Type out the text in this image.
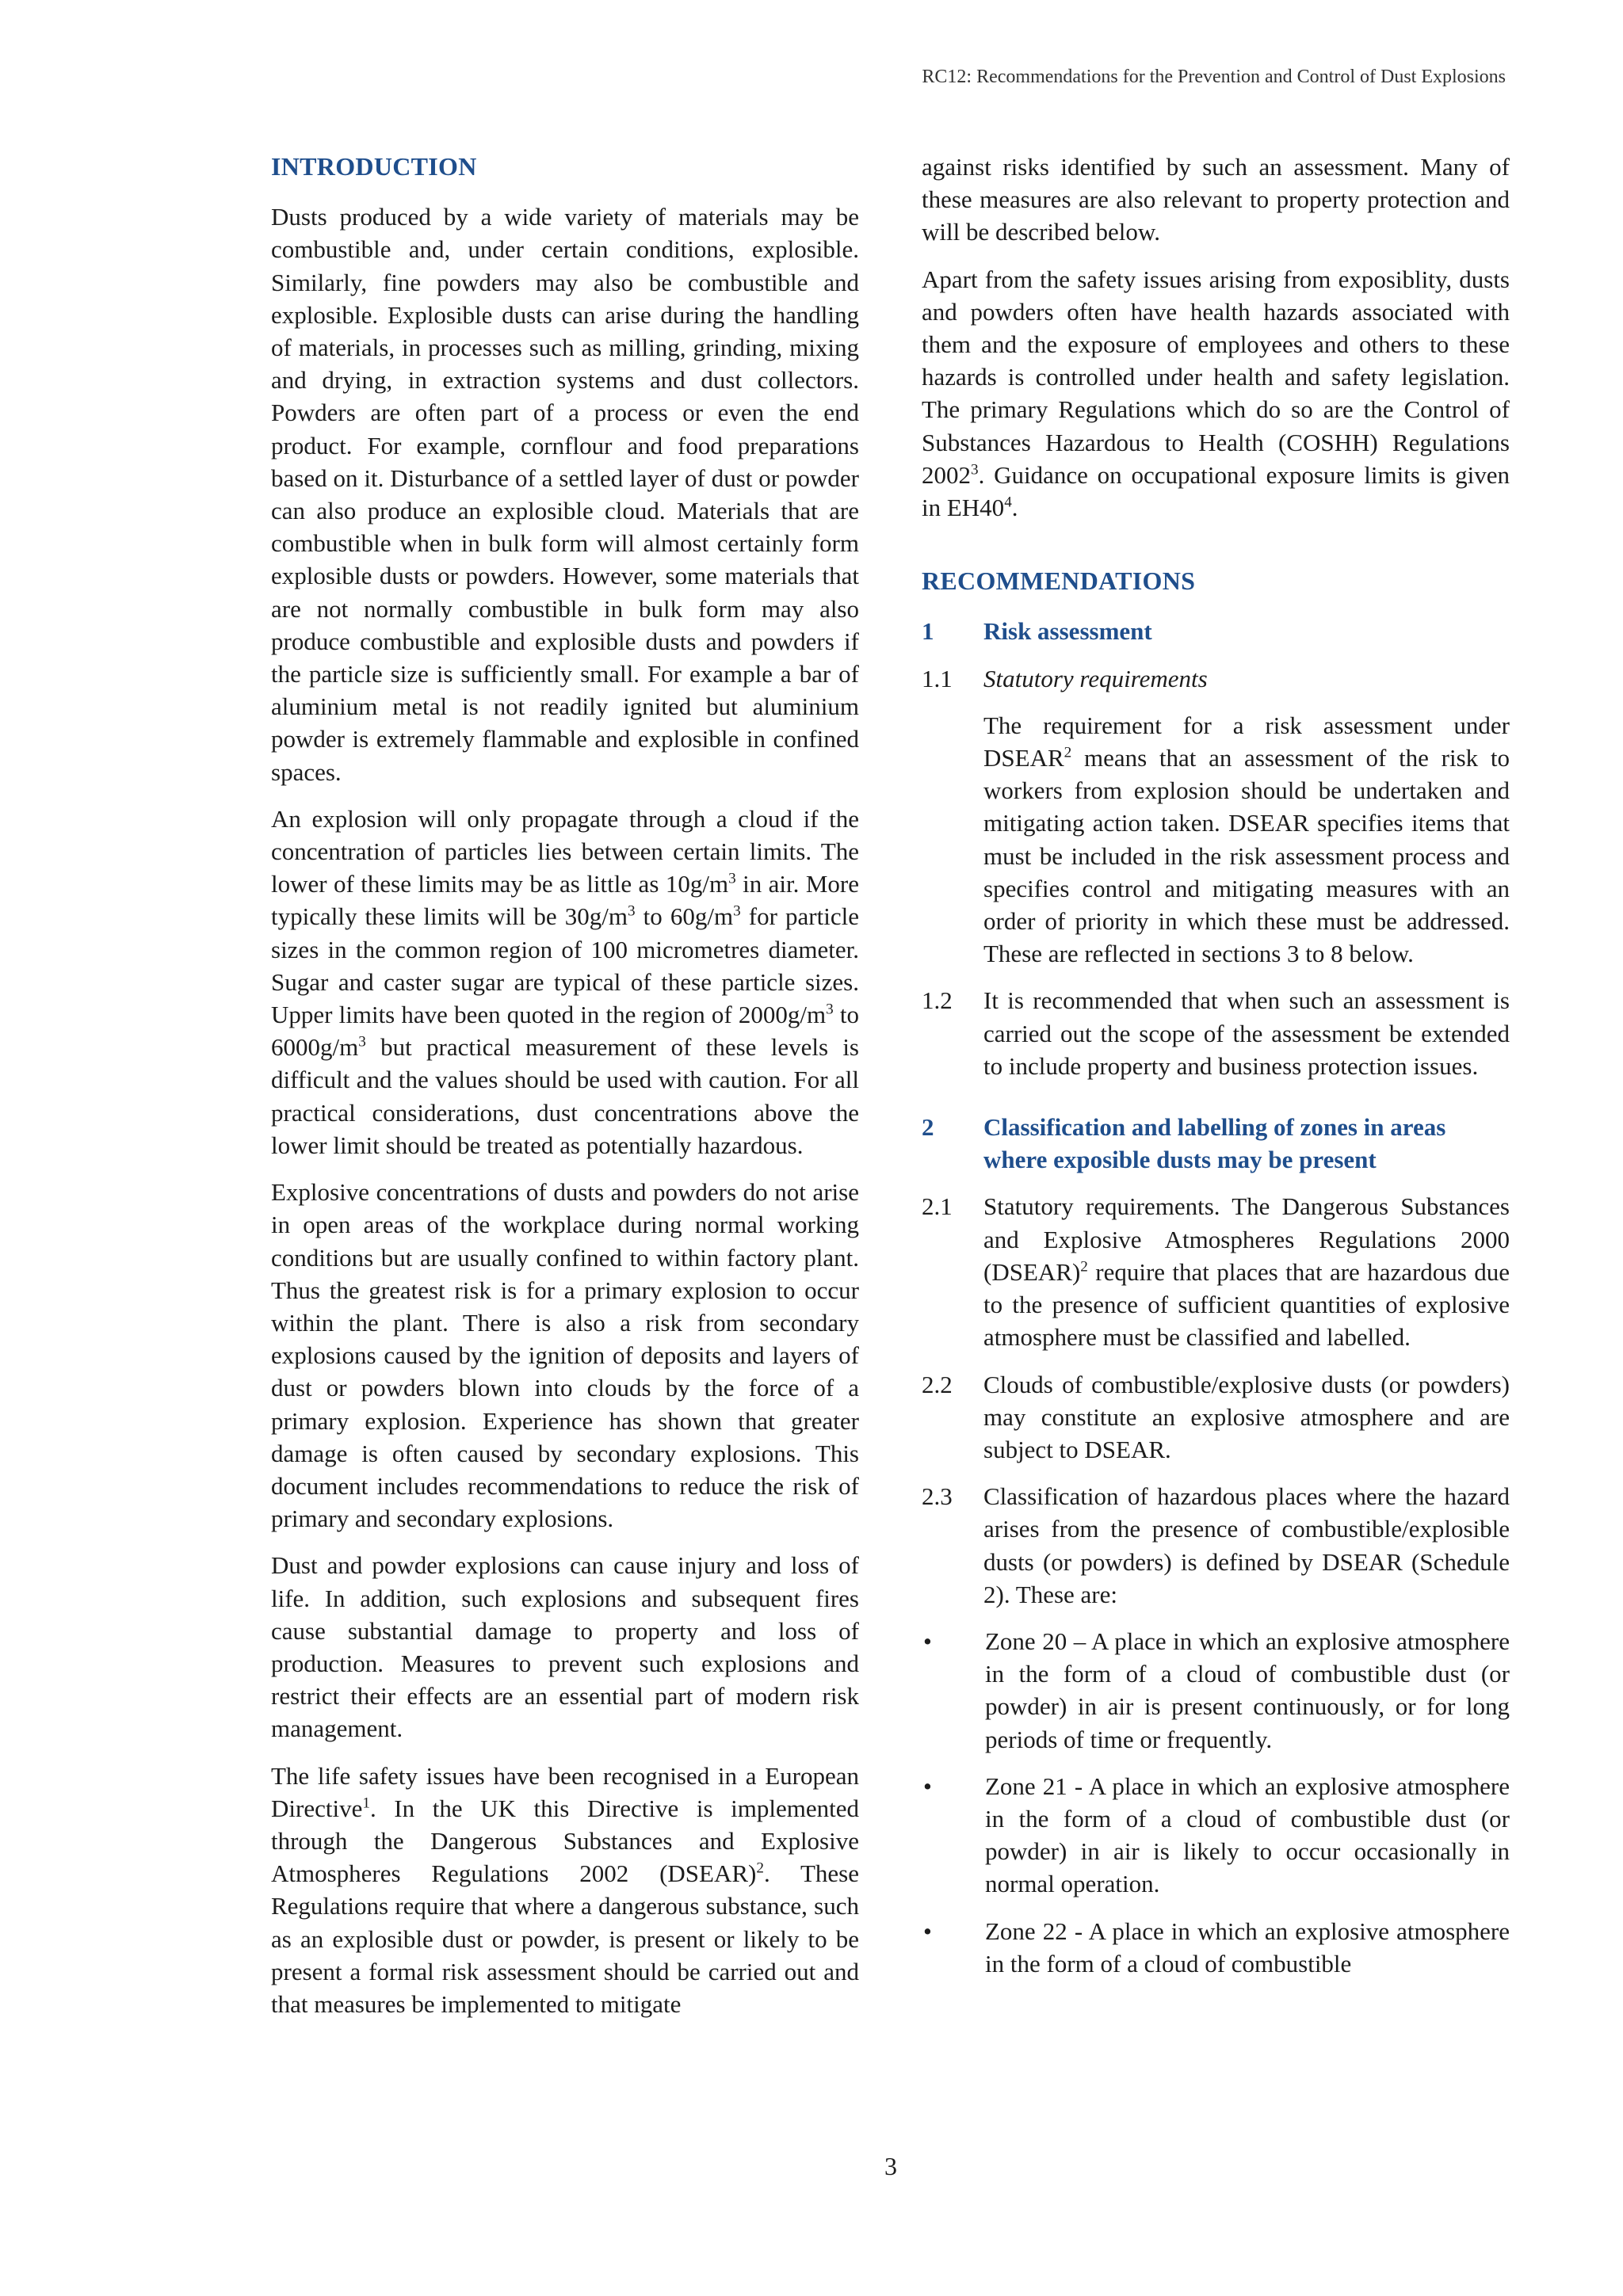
RC12: Recommendations for the Prevention and Control of Dust Explosions
INTRODUCTION

Dusts produced by a wide variety of materials may be combustible and, under certain conditions, explosible. Similarly, fine powders may also be combustible and explosible. Explosible dusts can arise during the handling of materials, in processes such as milling, grinding, mixing and drying, in extraction systems and dust collectors. Powders are often part of a process or even the end product. For example, cornflour and food preparations based on it. Disturbance of a settled layer of dust or powder can also produce an explosible cloud. Materials that are combustible when in bulk form will almost certainly form explosible dusts or powders. However, some materials that are not normally combustible in bulk form may also produce combustible and explosible dusts and powders if the particle size is sufficiently small. For example a bar of aluminium metal is not readily ignited but aluminium powder is extremely flammable and explosible in confined spaces.

An explosion will only propagate through a cloud if the concentration of particles lies between certain limits. The lower of these limits may be as little as $10g/m^3$ in air. More typically these limits will be $30g/m^3$ to $60g/m^3$ for particle sizes in the common region of 100 micrometres diameter. Sugar and caster sugar are typical of these particle sizes. Upper limits have been quoted in the region of $2000g/m^3$ to $6000g/m^3$ but practical measurement of these levels is difficult and the values should be used with caution. For all practical considerations, dust concentrations above the lower limit should be treated as potentially hazardous.

Explosive concentrations of dusts and powders do not arise in open areas of the workplace during normal working conditions but are usually confined to within factory plant. Thus the greatest risk is for a primary explosion to occur within the plant. There is also a risk from secondary explosions caused by the ignition of deposits and layers of dust or powders blown into clouds by the force of a primary explosion. Experience has shown that greater damage is often caused by secondary explosions. This document includes recommendations to reduce the risk of primary and secondary explosions.

Dust and powder explosions can cause injury and loss of life. In addition, such explosions and subsequent fires cause substantial damage to property and loss of production. Measures to prevent such explosions and restrict their effects are an essential part of modern risk management.

The life safety issues have been recognised in a European Directive$^1$. In the UK this Directive is implemented through the Dangerous Substances and Explosive Atmospheres Regulations 2002 (DSEAR)$^2$. These Regulations require that where a dangerous substance, such as an explosible dust or powder, is present or likely to be present a formal risk assessment should be carried out and that measures be implemented to mitigate

against risks identified by such an assessment. Many of these measures are also relevant to property protection and will be described below.

Apart from the safety issues arising from exposiblity, dusts and powders often have health hazards associated with them and the exposure of employees and others to these hazards is controlled under health and safety legislation. The primary Regulations which do so are the Control of Substances Hazardous to Health (COSHH) Regulations 2002$^3$. Guidance on occupational exposure limits is given in $EH40^4$.

RECOMMENDATIONS
1	Risk assessment
1.1	Statutory requirements
The requirement for a risk assessment under DSEAR$^2$ means that an assessment of the risk to workers from explosion should be undertaken and mitigating action taken. DSEAR specifies items that must be included in the risk assessment process and specifies control and mitigating measures with an order of priority in which these must be addressed. These are reflected in sections 3 to 8 below.
1.2	It is recommended that when such an assessment is carried out the scope of the assessment be extended to include property and business protection issues.
2	Classification and labelling of zones in areas where exposible dusts may be present
2.1	Statutory requirements. The Dangerous Substances and Explosive Atmospheres Regulations 2000 (DSEAR)$^2$ require that places that are hazardous due to the presence of sufficient quantities of explosive atmosphere must be classified and labelled.
2.2	Clouds of combustible/explosive dusts (or powders) may constitute an explosive atmosphere and are subject to DSEAR.
2.3	Classification of hazardous places where the hazard arises from the presence of combustible/explosible dusts (or powders) is defined by DSEAR (Schedule 2). These are:
•	Zone 20 – A place in which an explosive atmosphere in the form of a cloud of combustible dust (or powder) in air is present continuously, or for long periods of time or frequently.
•	Zone 21 - A place in which an explosive atmosphere in the form of a cloud of combustible dust (or powder) in air is likely to occur occasionally in normal operation.
•	Zone 22 - A place in which an explosive atmosphere in the form of a cloud of combustible
3
